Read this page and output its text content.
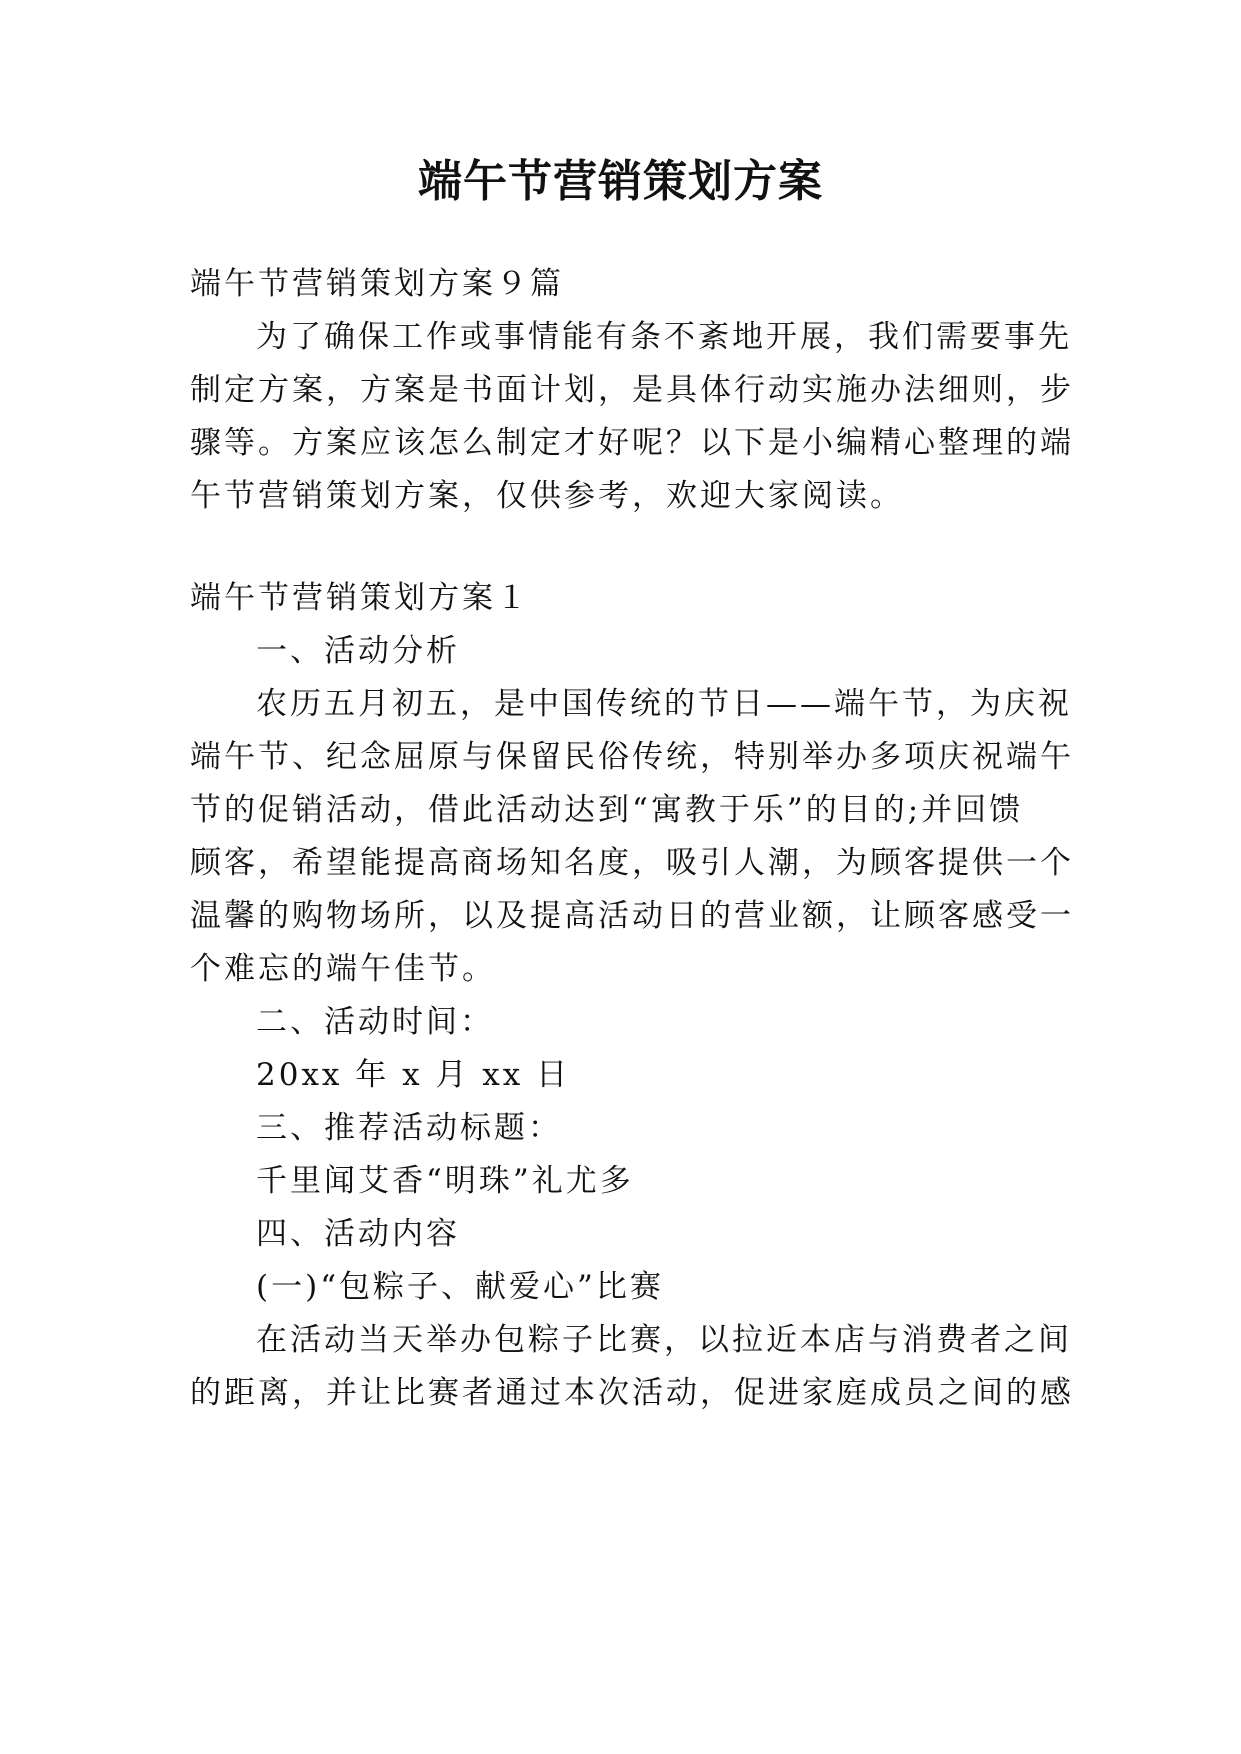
端午节营销策划方案
端午节营销策划方案９篇
为了确保工作或事情能有条不紊地开展，我们需要事先
制定方案，方案是书面计划，是具体行动实施办法细则，步
骤等。方案应该怎么制定才好呢？以下是小编精心整理的端
午节营销策划方案，仅供参考，欢迎大家阅读。
端午节营销策划方案１
一、活动分析
农历五月初五，是中国传统的节日——端午节，为庆祝
端午节、纪念屈原与保留民俗传统，特别举办多项庆祝端午
节的促销活动，借此活动达到“寓教于乐”的目的;并回馈
顾客，希望能提高商场知名度，吸引人潮，为顾客提供一个
温馨的购物场所，以及提高活动日的营业额，让顾客感受一
个难忘的端午佳节。
二、活动时间：
20xx 年 x 月 xx 日
三、推荐活动标题：
千里闻艾香“明珠”礼尤多
四、活动内容
(一)“包粽子、献爱心”比赛
在活动当天举办包粽子比赛，以拉近本店与消费者之间
的距离，并让比赛者通过本次活动，促进家庭成员之间的感
